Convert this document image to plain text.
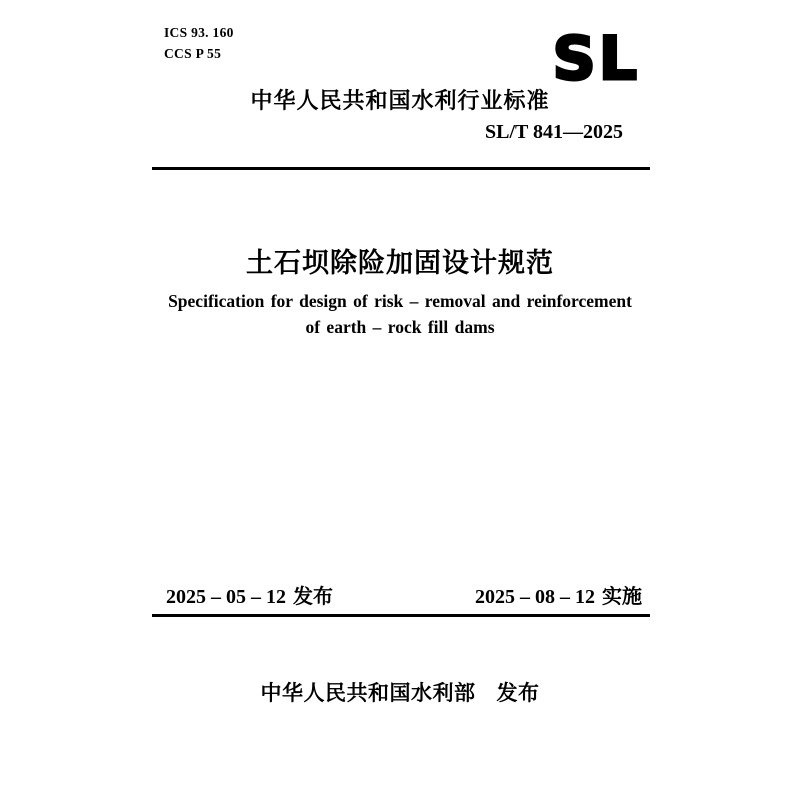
ICS 93. 160
CCS P 55	SL
中华人民共和国水利行业标准
SL/T 841—2025
土石坝除险加固设计规范
Specification for design of risk – removal and reinforcement
of earth – rock fill dams
2025 – 05 – 12 发布	2025 – 08 – 12 实施
中华人民共和国水利部 发布
